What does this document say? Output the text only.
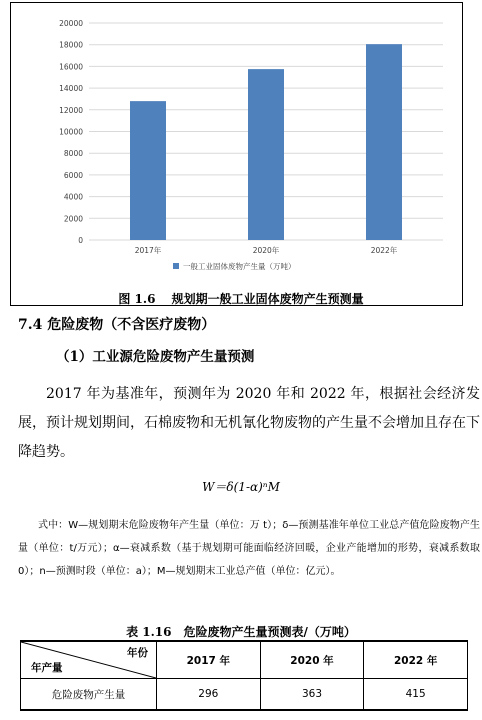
0
2000
4000
6000
8000
10000
12000
14000
16000
18000
20000
2017年	2020年	2022年
一般工业固体废物产生量（万吨）
图 1.6　 规划期一般工业固体废物产生预测量
7.4 危险废物（不含医疗废物）
（1）工业源危险废物产生量预测
2017 年为基准年，预测年为 2020 年和 2022 年，根据社会经济发展，预计规划期间，石棉废物和无机氰化物废物的产生量不会增加且存在下降趋势。
W＝δ(1-α)ⁿM
式中：W—规划期末危险废物年产生量（单位：万 t）；δ—预测基准年单位工业总产值危险废物产生量（单位：t/万元）；α—衰减系数（基于规划期可能面临经济回暖，企业产能增加的形势，衰减系数取 0）；n—预测时段（单位：a）；M—规划期末工业总产值（单位：亿元）。
表 1.16　危险废物产生量预测表/（万吨）
年份
年产量	2017 年	2020 年	2022 年
危险废物产生量	296	363	415
